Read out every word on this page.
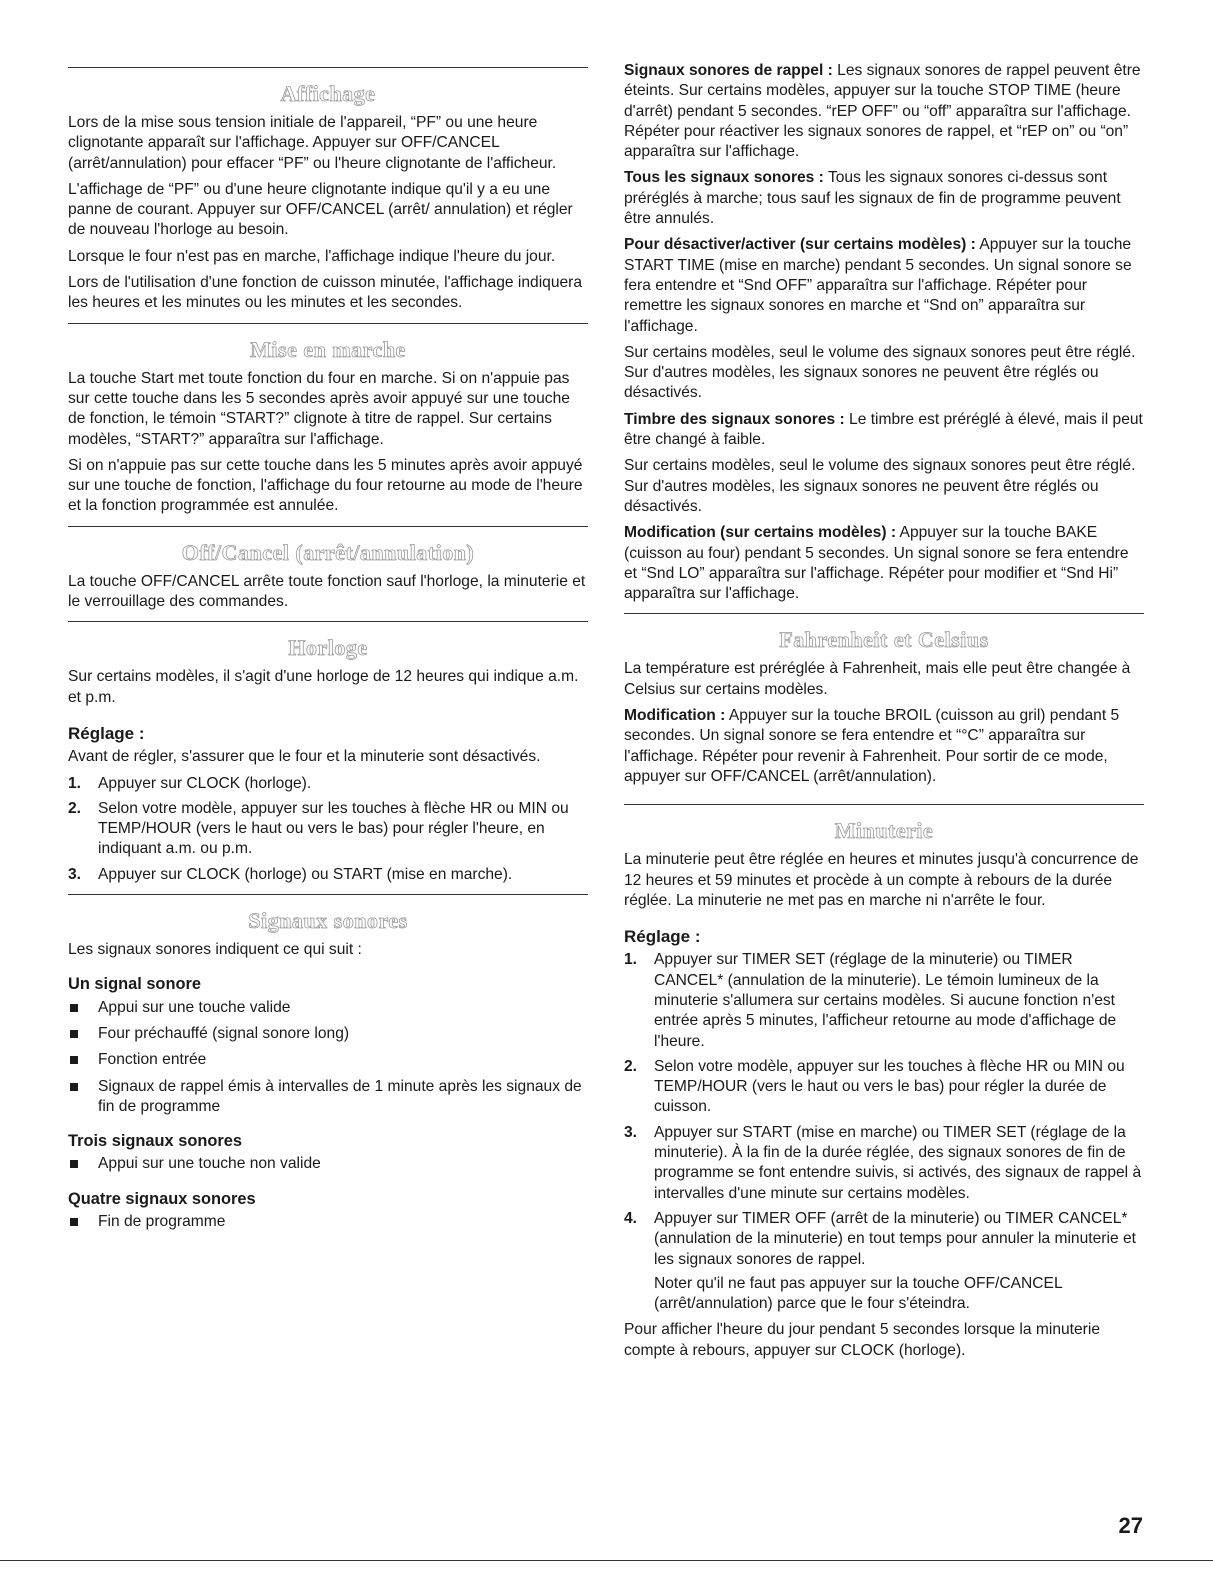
Affichage

Lors de la mise sous tension initiale de l'appareil, “PF” ou une heure clignotante apparaît sur l'affichage. Appuyer sur OFF/CANCEL (arrêt/annulation) pour effacer “PF” ou l'heure clignotante de l'afficheur.

L'affichage de “PF” ou d'une heure clignotante indique qu'il y a eu une panne de courant. Appuyer sur OFF/CANCEL (arrêt/ annulation) et régler de nouveau l'horloge au besoin.

Lorsque le four n'est pas en marche, l'affichage indique l'heure du jour.

Lors de l'utilisation d'une fonction de cuisson minutée, l'affichage indiquera les heures et les minutes ou les minutes et les secondes.

Mise en marche

La touche Start met toute fonction du four en marche. Si on n'appuie pas sur cette touche dans les 5 secondes après avoir appuyé sur une touche de fonction, le témoin “START?” clignote à titre de rappel. Sur certains modèles, “START?” apparaîtra sur l'affichage.

Si on n'appuie pas sur cette touche dans les 5 minutes après avoir appuyé sur une touche de fonction, l'affichage du four retourne au mode de l'heure et la fonction programmée est annulée.

Off/Cancel (arrêt/annulation)

La touche OFF/CANCEL arrête toute fonction sauf l'horloge, la minuterie et le verrouillage des commandes.

Horloge

Sur certains modèles, il s'agit d'une horloge de 12 heures qui indique a.m. et p.m.

Réglage :

Avant de régler, s'assurer que le four et la minuterie sont désactivés.

1. Appuyer sur CLOCK (horloge).
2. Selon votre modèle, appuyer sur les touches à flèche HR ou MIN ou TEMP/HOUR (vers le haut ou vers le bas) pour régler l'heure, en indiquant a.m. ou p.m.
3. Appuyer sur CLOCK (horloge) ou START (mise en marche).
Signaux sonores

Les signaux sonores indiquent ce qui suit :

Un signal sonore
Appui sur une touche valide
Four préchauffé (signal sonore long)
Fonction entrée
Signaux de rappel émis à intervalles de 1 minute après les signaux de fin de programme
Trois signaux sonores
Appui sur une touche non valide
Quatre signaux sonores
Fin de programme

Signaux sonores de rappel : Les signaux sonores de rappel peuvent être éteints. Sur certains modèles, appuyer sur la touche STOP TIME (heure d'arrêt) pendant 5 secondes. “rEP OFF” ou “off” apparaîtra sur l'affichage. Répéter pour réactiver les signaux sonores de rappel, et “rEP on” ou “on” apparaîtra sur l'affichage.

Tous les signaux sonores : Tous les signaux sonores ci-dessus sont préréglés à marche; tous sauf les signaux de fin de programme peuvent être annulés.

Pour désactiver/activer (sur certains modèles) : Appuyer sur la touche START TIME (mise en marche) pendant 5 secondes. Un signal sonore se fera entendre et “Snd OFF” apparaîtra sur l'affichage. Répéter pour remettre les signaux sonores en marche et “Snd on” apparaîtra sur l'affichage.

Sur certains modèles, seul le volume des signaux sonores peut être réglé. Sur d'autres modèles, les signaux sonores ne peuvent être réglés ou désactivés.

Timbre des signaux sonores : Le timbre est préréglé à élevé, mais il peut être changé à faible.

Sur certains modèles, seul le volume des signaux sonores peut être réglé. Sur d'autres modèles, les signaux sonores ne peuvent être réglés ou désactivés.

Modification (sur certains modèles) : Appuyer sur la touche BAKE (cuisson au four) pendant 5 secondes. Un signal sonore se fera entendre et “Snd LO” apparaîtra sur l'affichage. Répéter pour modifier et “Snd Hi” apparaîtra sur l'affichage.

Fahrenheit et Celsius

La température est préréglée à Fahrenheit, mais elle peut être changée à Celsius sur certains modèles.

Modification : Appuyer sur la touche BROIL (cuisson au gril) pendant 5 secondes. Un signal sonore se fera entendre et “°C” apparaîtra sur l'affichage. Répéter pour revenir à Fahrenheit. Pour sortir de ce mode, appuyer sur OFF/CANCEL (arrêt/annulation).

Minuterie

La minuterie peut être réglée en heures et minutes jusqu'à concurrence de 12 heures et 59 minutes et procède à un compte à rebours de la durée réglée. La minuterie ne met pas en marche ni n'arrête le four.

Réglage :
1. Appuyer sur TIMER SET (réglage de la minuterie) ou TIMER CANCEL* (annulation de la minuterie). Le témoin lumineux de la minuterie s'allumera sur certains modèles. Si aucune fonction n'est entrée après 5 minutes, l'afficheur retourne au mode d'affichage de l'heure.
2. Selon votre modèle, appuyer sur les touches à flèche HR ou MIN ou TEMP/HOUR (vers le haut ou vers le bas) pour régler la durée de cuisson.
3. Appuyer sur START (mise en marche) ou TIMER SET (réglage de la minuterie). À la fin de la durée réglée, des signaux sonores de fin de programme se font entendre suivis, si activés, des signaux de rappel à intervalles d'une minute sur certains modèles.
4. Appuyer sur TIMER OFF (arrêt de la minuterie) ou TIMER CANCEL* (annulation de la minuterie) en tout temps pour annuler la minuterie et les signaux sonores de rappel.

Noter qu'il ne faut pas appuyer sur la touche OFF/CANCEL (arrêt/annulation) parce que le four s'éteindra.

Pour afficher l'heure du jour pendant 5 secondes lorsque la minuterie compte à rebours, appuyer sur CLOCK (horloge).

27
